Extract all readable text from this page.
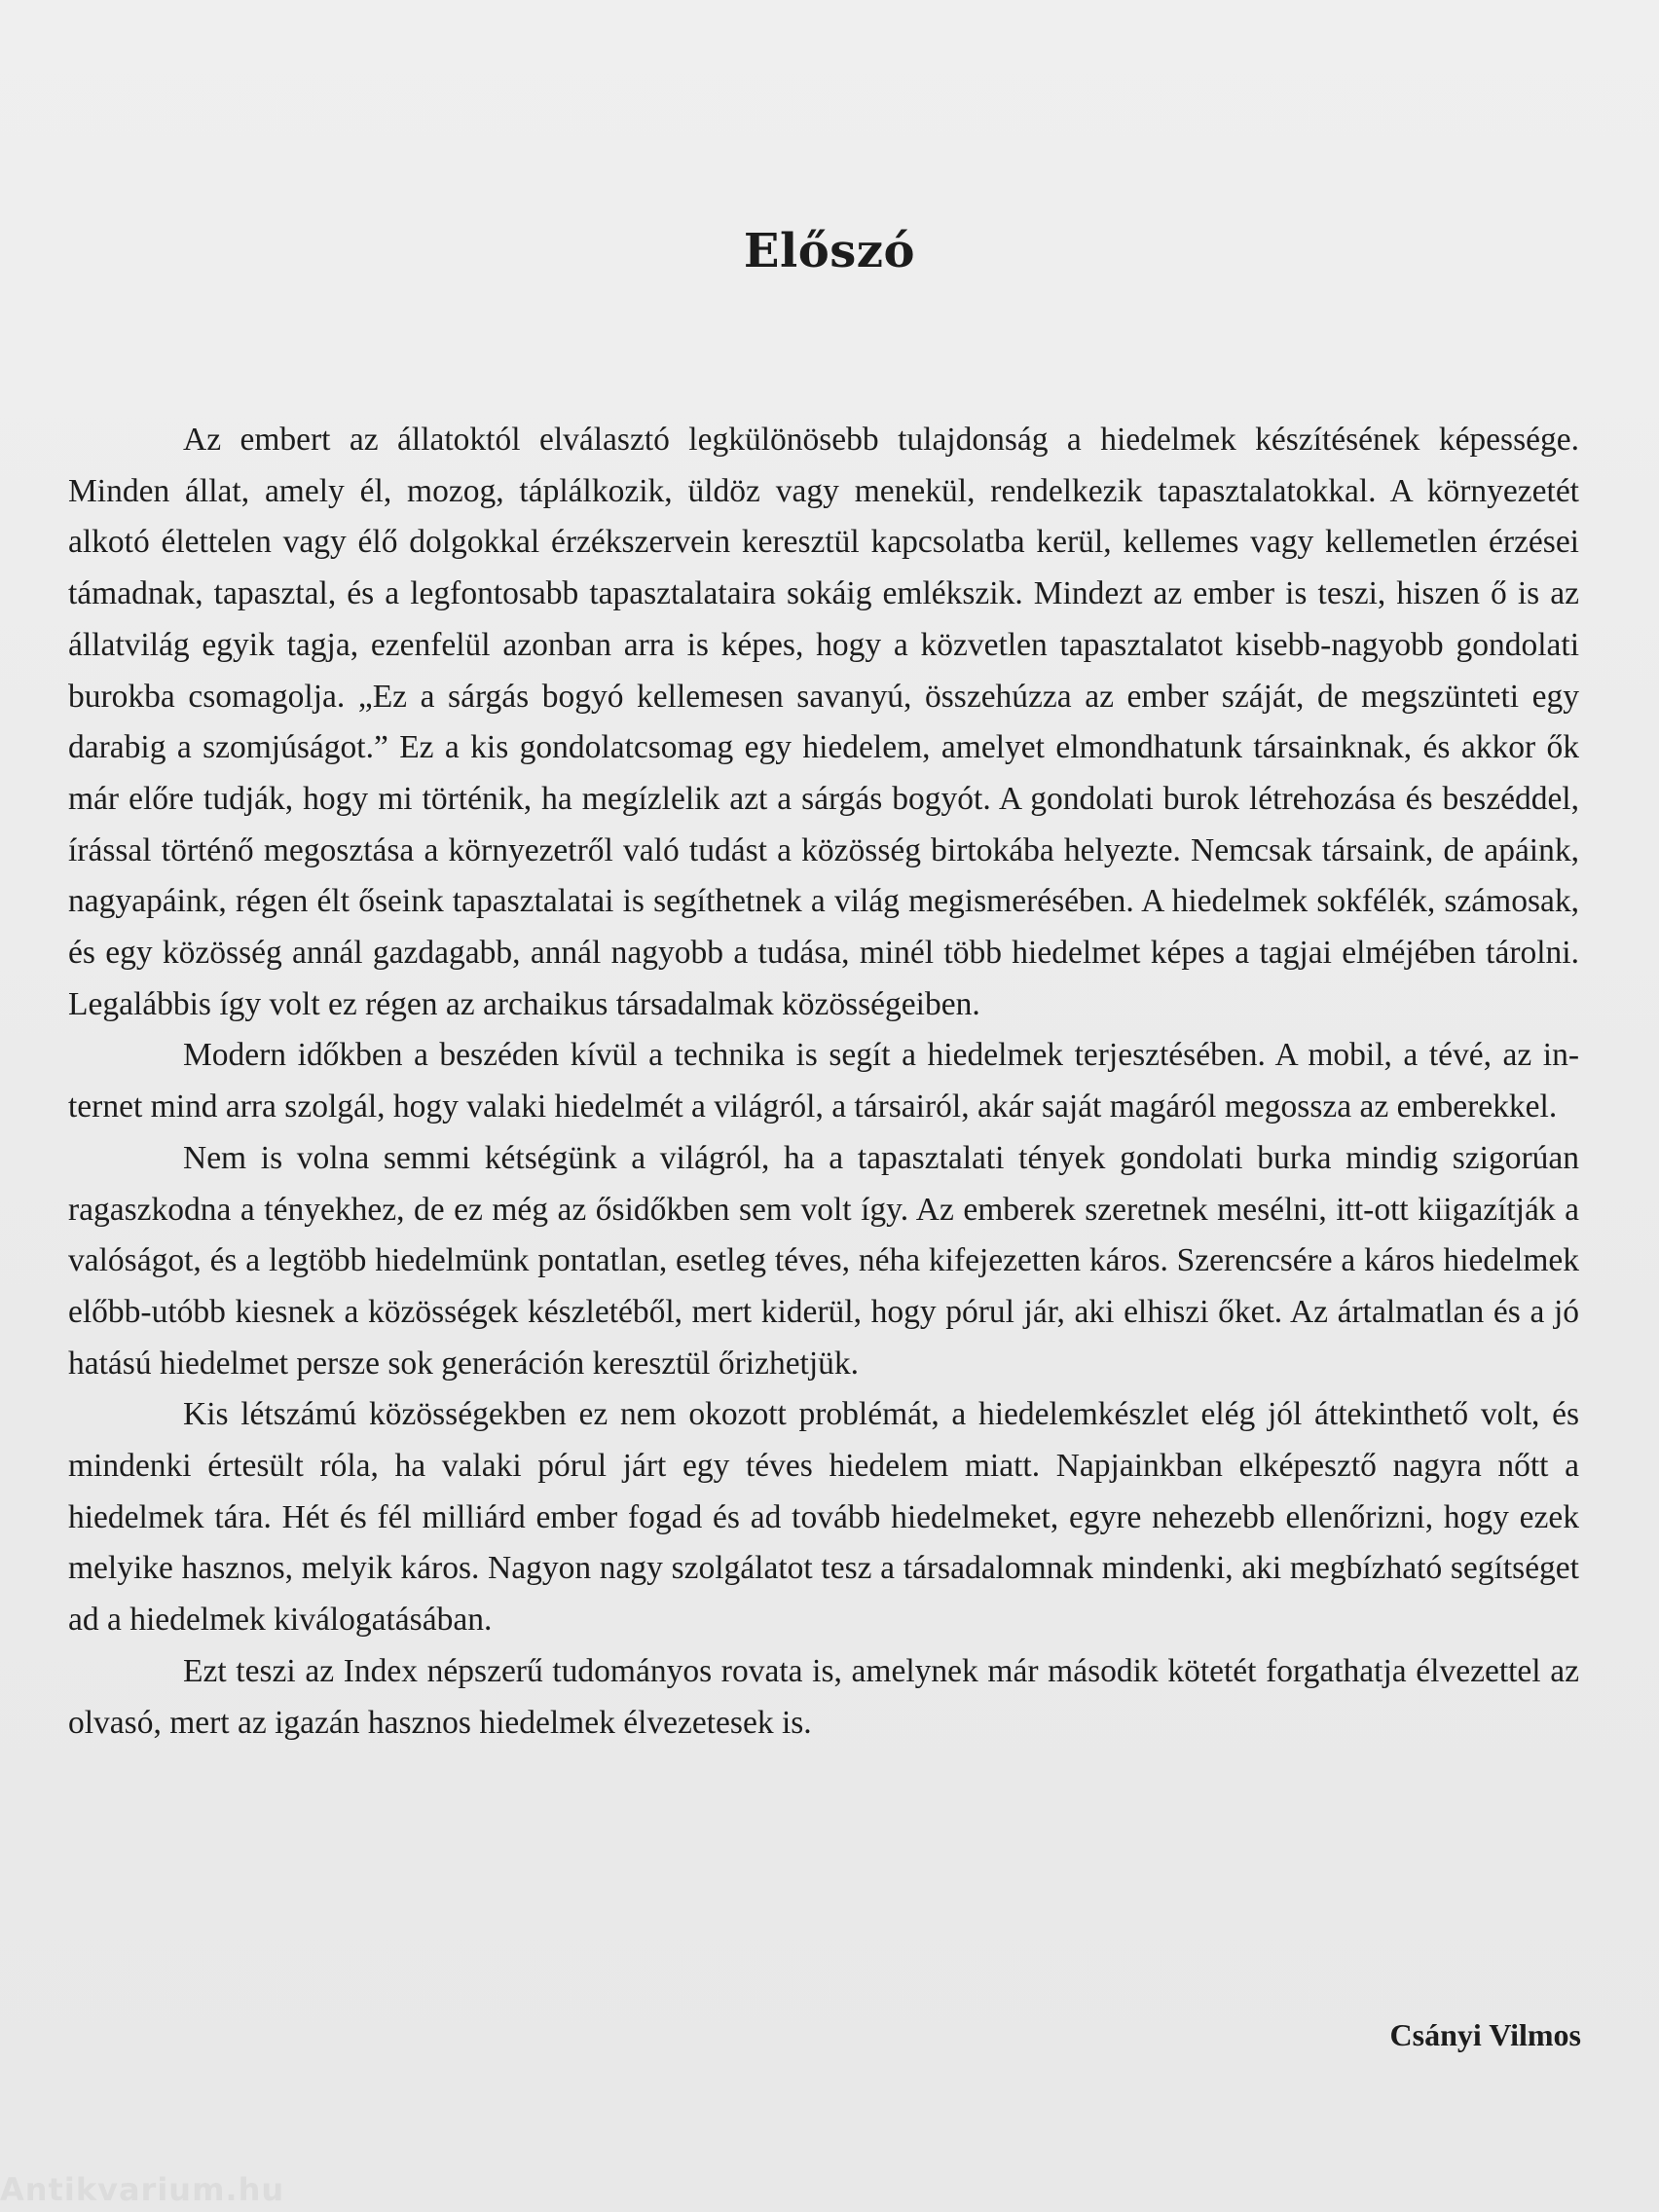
Előszó

Az embert az állatoktól elválasztó legkülönösebb tulajdonság a hiedelmek készítésének képessége. Minden állat, amely él, mozog, táplálkozik, üldöz vagy menekül, rendelkezik tapasztalatokkal. A környezetét alkotó élettelen vagy élő dolgokkal érzékszervein keresztül kapcsolatba kerül, kellemes vagy kellemetlen érzései támadnak, tapasztal, és a legfontosabb tapasztalataira sokáig emlékszik. Mindezt az ember is teszi, hiszen ő is az állatvilág egyik tagja, ezenfelül azonban arra is képes, hogy a közvetlen tapasztalatot kisebb-nagyobb gondolati burokba csomagolja. „Ez a sárgás bogyó kellemesen savanyú, összehúzza az ember száját, de megszünteti egy darabig a szomjúságot.” Ez a kis gondolatcsomag egy hiedelem, amelyet elmondhatunk társainknak, és akkor ők már előre tudják, hogy mi történik, ha megízlelik azt a sárgás bogyót. A gondolati burok létrehozása és beszéddel, írással történő megosztása a környezetről való tudást a közösség birtokába helyezte. Nemcsak társaink, de apáink, nagyapáink, régen élt őseink tapasztalatai is segíthetnek a világ megismerésében. A hiedelmek sokfélék, számosak, és egy közösség annál gazdagabb, annál nagyobb a tudása, minél több hiedelmet képes a tagjai elméjében tárolni. Legalábbis így volt ez régen az archaikus társadalmak közösségeiben.

Modern időkben a beszéden kívül a technika is segít a hiedelmek terjesztésében. A mobil, a tévé, az internet mind arra szolgál, hogy valaki hiedelmét a világról, a társairól, akár saját magáról megossza az emberekkel.

Nem is volna semmi kétségünk a világról, ha a tapasztalati tények gondolati burka mindig szigorúan ragaszkodna a tényekhez, de ez még az ősidőkben sem volt így. Az emberek szeretnek mesélni, itt-ott kiigazítják a valóságot, és a legtöbb hiedelmünk pontatlan, esetleg téves, néha kifejezetten káros. Szerencsére a káros hiedelmek előbb-utóbb kiesnek a közösségek készletéből, mert kiderül, hogy pórul jár, aki elhiszi őket. Az ártalmatlan és a jó hatású hiedelmet persze sok generáción keresztül őrizhetjük.

Kis létszámú közösségekben ez nem okozott problémát, a hiedelemkészlet elég jól áttekinthető volt, és mindenki értesült róla, ha valaki pórul járt egy téves hiedelem miatt. Napjainkban elképesztő nagyra nőtt a hiedelmek tára. Hét és fél milliárd ember fogad és ad tovább hiedelmeket, egyre nehezebb ellenőrizni, hogy ezek melyike hasznos, melyik káros. Nagyon nagy szolgálatot tesz a társadalomnak mindenki, aki megbízható segítséget ad a hiedelmek kiválogatásában.

Ezt teszi az Index népszerű tudományos rovata is, amelynek már második kötetét forgathatja élvezettel az olvasó, mert az igazán hasznos hiedelmek élvezetesek is.

Csányi Vilmos
Antikvarium.hu
